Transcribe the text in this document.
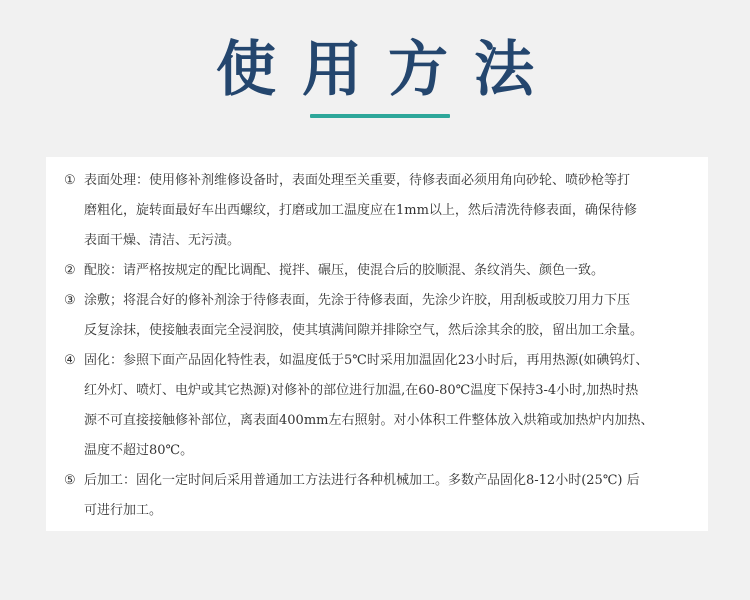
使用方法
① 表面处理：使用修补剂维修设备时，表面处理至关重要，待修表面必须用角向砂轮、喷砂枪等打
磨粗化，旋转面最好车出西螺纹，打磨或加工温度应在1mm以上，然后清洗待修表面，确保待修
表面干燥、清洁、无污渍。
② 配胶：请严格按规定的配比调配、搅拌、碾压，使混合后的胶顺混、条纹消失、颜色一致。
③ 涂敷；将混合好的修补剂涂于待修表面，先涂于待修表面，先涂少许胶，用刮板或胶刀用力下压
反复涂抹，使接触表面完全浸润胶，使其填满间隙并排除空气，然后涂其余的胶，留出加工余量。
④ 固化：参照下面产品固化特性表，如温度低于5℃时采用加温固化23小时后，再用热源(如碘钨灯、
红外灯、喷灯、电炉或其它热源)对修补的部位进行加温,在60-80℃温度下保持3-4小时,加热时热
源不可直接接触修补部位，离表面400mm左右照射。对小体积工件整体放入烘箱或加热炉内加热、
温度不超过80℃。
⑤ 后加工：固化一定时间后采用普通加工方法进行各种机械加工。多数产品固化8-12小时(25℃) 后
可进行加工。
